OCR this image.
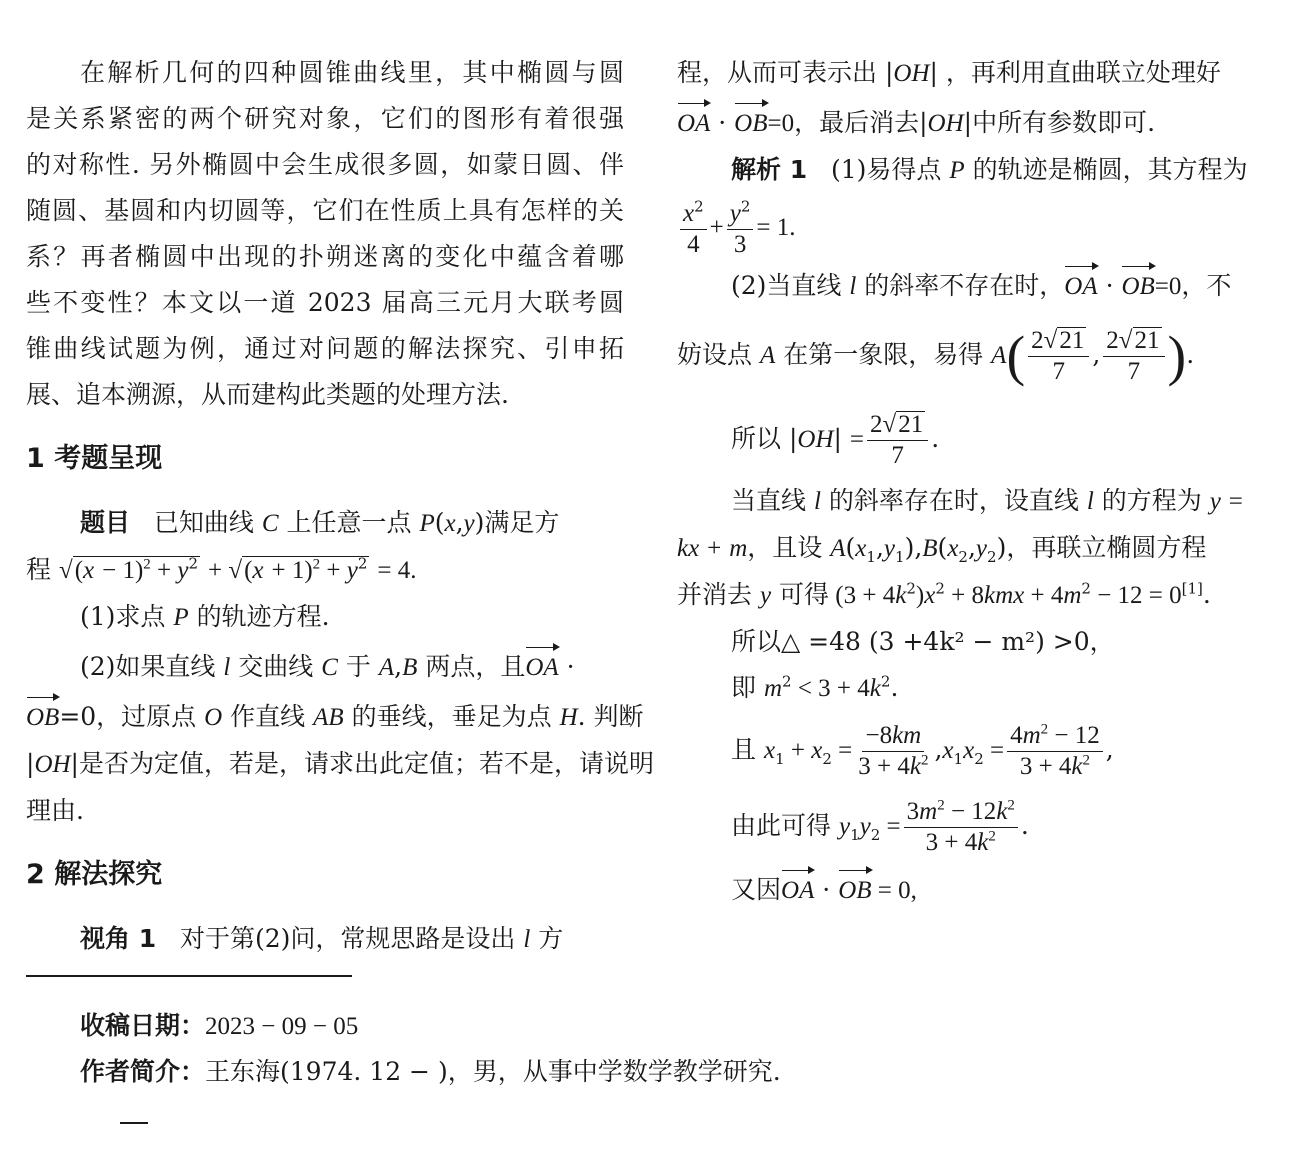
在解析几何的四种圆锥曲线里，其中椭圆与圆
是关系紧密的两个研究对象，它们的图形有着很强
的对称性. 另外椭圆中会生成很多圆，如蒙日圆、伴
随圆、基圆和内切圆等，它们在性质上具有怎样的关
系？再者椭圆中出现的扑朔迷离的变化中蕴含着哪
些不变性？本文以一道 2023 届高三元月大联考圆
锥曲线试题为例，通过对问题的解法探究、引申拓
展、追本溯源，从而建构此类题的处理方法.
1 考题呈现
题目 已知曲线 C 上任意一点 P(x,y)满足方
程 $√(x - 1)^2 + y^2 + √(x + 1)^2 + y^2 = 4$.
(1)求点 P 的轨迹方程.
(2)如果直线 l 交曲线 C 于 A,B 两点，且OA ·
OB=0，过原点 O 作直线 AB 的垂线，垂足为点 H. 判断
|OH|是否为定值，若是，请求出此定值；若不是，请说明
理由.
2 解法探究
视角 1 对于第(2)问，常规思路是设出 l 方
收稿日期：2023 − 09 − 05
作者简介：王东海(1974. 12 − )，男，从事中学数学教学研究.
程，从而可表示出 |OH| ，再利用直曲联立处理好
OA · OB=0，最后消去|OH|中所有参数即可.
解析 1 (1)易得点 P 的轨迹是椭圆，其方程为
$\frac{x^2}{4} + \frac{y^2}{3} = 1$.
(2)当直线 l 的斜率不存在时，OA · OB=0，不
妨设点 A 在第一象限，易得 $A( \frac{2√21}{7}$ , $\frac{2√21}{7}$ ).
所以 $|OH| = \frac{2√21}{7}$ .
当直线 l 的斜率存在时，设直线 l 的方程为 y =
kx + m，且设 $A(x_1,y_1),B(x_2,y_2)$，再联立椭圆方程
并消去 y 可得 $(3 + 4k^2)x^2 + 8kmx + 4m^2 - 12 = 0[1]$.
所以△ =48 (3 +4k² − m²) >0，
即 $m^2 < 3 + 4k^2$.
且 $x_1 + x_2 = \frac{-8km}{3 + 4k^2} ,x_1x_2 = \frac{4m^2 - 12}{3 + 4k^2}$ ,
由此可得 $y_1y_2 = \frac{3m^2 - 12k^2}{3 + 4k^2}$ .
又因OA · OB = 0,
